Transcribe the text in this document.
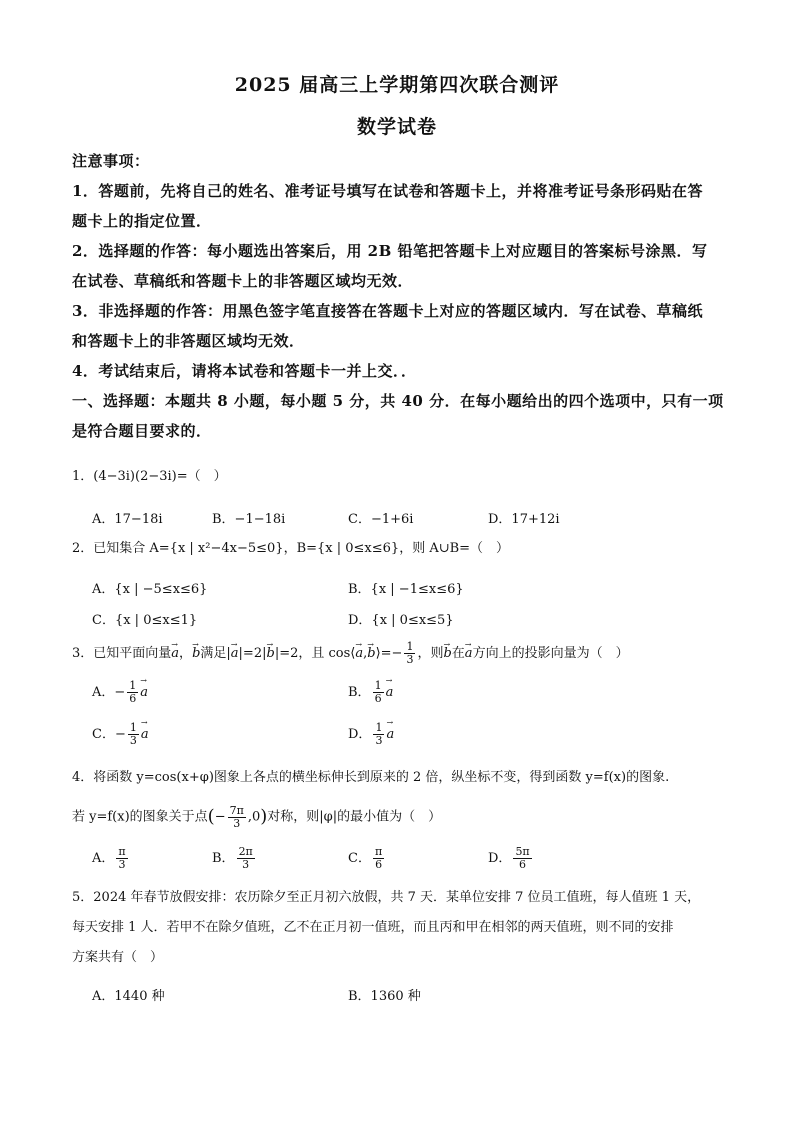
2025 届高三上学期第四次联合测评
数学试卷
注意事项：
1．答题前，先将自己的姓名、准考证号填写在试卷和答题卡上，并将准考证号条形码贴在答
题卡上的指定位置．
2．选择题的作答：每小题选出答案后，用 2B 铅笔把答题卡上对应题目的答案标号涂黑．写
在试卷、草稿纸和答题卡上的非答题区域均无效．
3．非选择题的作答：用黑色签字笔直接答在答题卡上对应的答题区域内．写在试卷、草稿纸
和答题卡上的非答题区域均无效．
4．考试结束后，请将本试卷和答题卡一并上交．．
一、选择题：本题共 8 小题，每小题 5 分，共 40 分．在每小题给出的四个选项中，只有一项
是符合题目要求的．
1．(4−3i)(2−3i)=（　）
A．17−18i	B．−1−18i	C．−1+6i	D．17+12i
2．已知集合 A={x | x²−4x−5≤0}，B={x | 0≤x≤6}，则 A∪B=（　）
A．{x | −5≤x≤6}	B．{x | −1≤x≤6}
C．{x | 0≤x≤1}	D．{x | 0≤x≤5}
3．已知平面向量→ a，→ b满足|→ a|=2|→ b|=2，且 cos⟨→ a,→ b⟩=− $\frac{1}{3}$ ，则→ b在→ a方向上的投影向量为（　）
A．− $\frac{1}{6}$
→ a	B． $\frac{1}{6}$
→ a
C．− $\frac{1}{3}$
→ a	D． $\frac{1}{3}$
→ a
4．将函数 y=cos(x+φ)图象上各点的横坐标伸长到原来的 2 倍，纵坐标不变，得到函数 y=f(x)的图象.
若 y=f(x)的图象关于点(− $\frac{7\pi}{3} ,0$)对称，则|φ|的最小值为（　）
A． $\frac{\pi}{3}$	B． $\frac{2\pi}{3}$	C． $\frac{\pi}{6}$	D． $\frac{5\pi}{6}$
5．2024 年春节放假安排：农历除夕至正月初六放假，共 7 天．某单位安排 7 位员工值班，每人值班 1 天，
每天安排 1 人．若甲不在除夕值班，乙不在正月初一值班，而且丙和甲在相邻的两天值班，则不同的安排
方案共有（　）
A．1440 种	B．1360 种
